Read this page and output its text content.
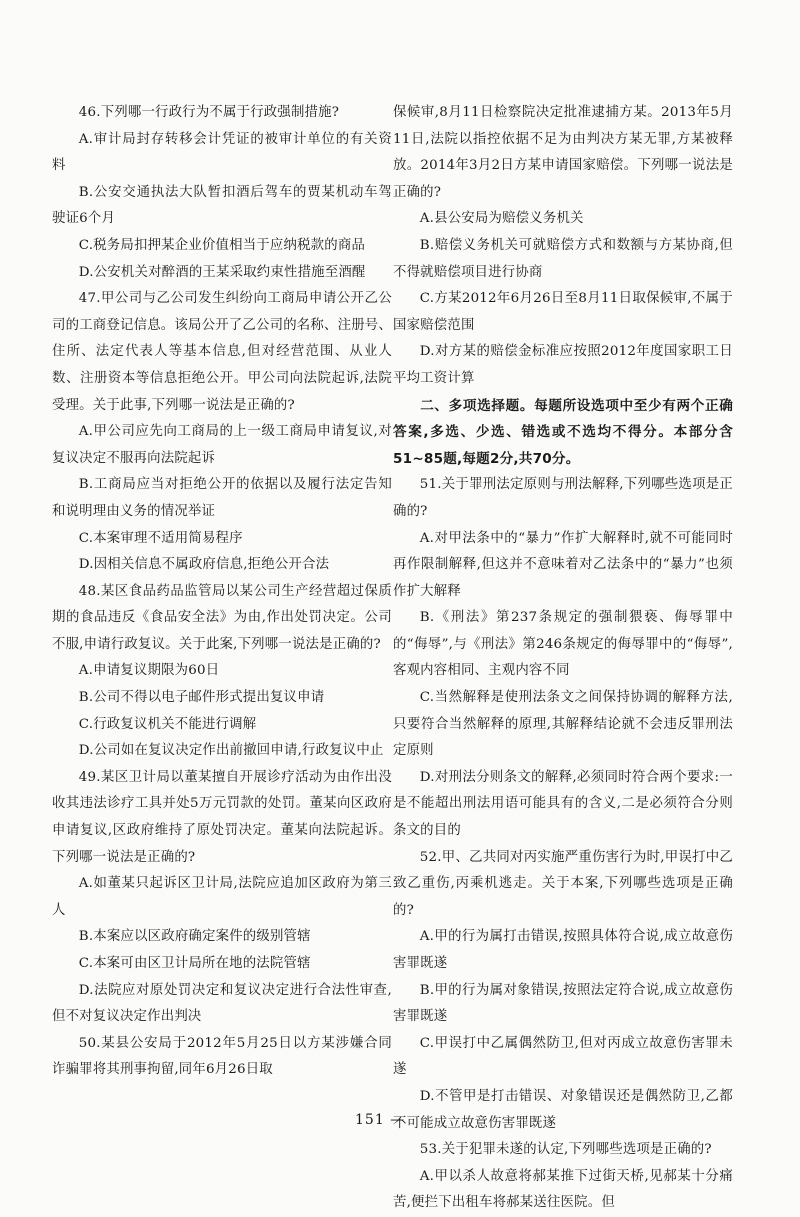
46.下列哪一行政行为不属于行政强制措施?

A.审计局封存转移会计凭证的被审计单位的有关资料

B.公安交通执法大队暂扣酒后驾车的贾某机动车驾驶证6个月

C.税务局扣押某企业价值相当于应纳税款的商品

D.公安机关对醉酒的王某采取约束性措施至酒醒

47.甲公司与乙公司发生纠纷向工商局申请公开乙公司的工商登记信息。该局公开了乙公司的名称、注册号、住所、法定代表人等基本信息,但对经营范围、从业人数、注册资本等信息拒绝公开。甲公司向法院起诉,法院受理。关于此事,下列哪一说法是正确的?

A.甲公司应先向工商局的上一级工商局申请复议,对复议决定不服再向法院起诉

B.工商局应当对拒绝公开的依据以及履行法定告知和说明理由义务的情况举证

C.本案审理不适用简易程序

D.因相关信息不属政府信息,拒绝公开合法

48.某区食品药品监管局以某公司生产经营超过保质期的食品违反《食品安全法》为由,作出处罚决定。公司不服,申请行政复议。关于此案,下列哪一说法是正确的?

A.申请复议期限为60日

B.公司不得以电子邮件形式提出复议申请

C.行政复议机关不能进行调解

D.公司如在复议决定作出前撤回申请,行政复议中止

49.某区卫计局以董某擅自开展诊疗活动为由作出没收其违法诊疗工具并处5万元罚款的处罚。董某向区政府申请复议,区政府维持了原处罚决定。董某向法院起诉。下列哪一说法是正确的?

A.如董某只起诉区卫计局,法院应追加区政府为第三人

B.本案应以区政府确定案件的级别管辖

C.本案可由区卫计局所在地的法院管辖

D.法院应对原处罚决定和复议决定进行合法性审查,但不对复议决定作出判决

50.某县公安局于2012年5月25日以方某涉嫌合同诈骗罪将其刑事拘留,同年6月26日取

保候审,8月11日检察院决定批准逮捕方某。2013年5月11日,法院以指控依据不足为由判决方某无罪,方某被释放。2014年3月2日方某申请国家赔偿。下列哪一说法是正确的?

A.县公安局为赔偿义务机关

B.赔偿义务机关可就赔偿方式和数额与方某协商,但不得就赔偿项目进行协商

C.方某2012年6月26日至8月11日取保候审,不属于国家赔偿范围

D.对方某的赔偿金标准应按照2012年度国家职工日平均工资计算

二、多项选择题。每题所设选项中至少有两个正确答案,多选、少选、错选或不选均不得分。本部分含51~85题,每题2分,共70分。

51.关于罪刑法定原则与刑法解释,下列哪些选项是正确的?

A.对甲法条中的“暴力”作扩大解释时,就不可能同时再作限制解释,但这并不意味着对乙法条中的“暴力”也须作扩大解释

B.《刑法》第237条规定的强制猥亵、侮辱罪中的“侮辱”,与《刑法》第246条规定的侮辱罪中的“侮辱”,客观内容相同、主观内容不同

C.当然解释是使刑法条文之间保持协调的解释方法,只要符合当然解释的原理,其解释结论就不会违反罪刑法定原则

D.对刑法分则条文的解释,必须同时符合两个要求:一是不能超出刑法用语可能具有的含义,二是必须符合分则条文的目的

52.甲、乙共同对丙实施严重伤害行为时,甲误打中乙致乙重伤,丙乘机逃走。关于本案,下列哪些选项是正确的?

A.甲的行为属打击错误,按照具体符合说,成立故意伤害罪既遂

B.甲的行为属对象错误,按照法定符合说,成立故意伤害罪既遂

C.甲误打中乙属偶然防卫,但对丙成立故意伤害罪未遂

D.不管甲是打击错误、对象错误还是偶然防卫,乙都不可能成立故意伤害罪既遂

53.关于犯罪未遂的认定,下列哪些选项是正确的?

A.甲以杀人故意将郝某推下过街天桥,见郝某十分痛苦,便拦下出租车将郝某送往医院。但

151 —
